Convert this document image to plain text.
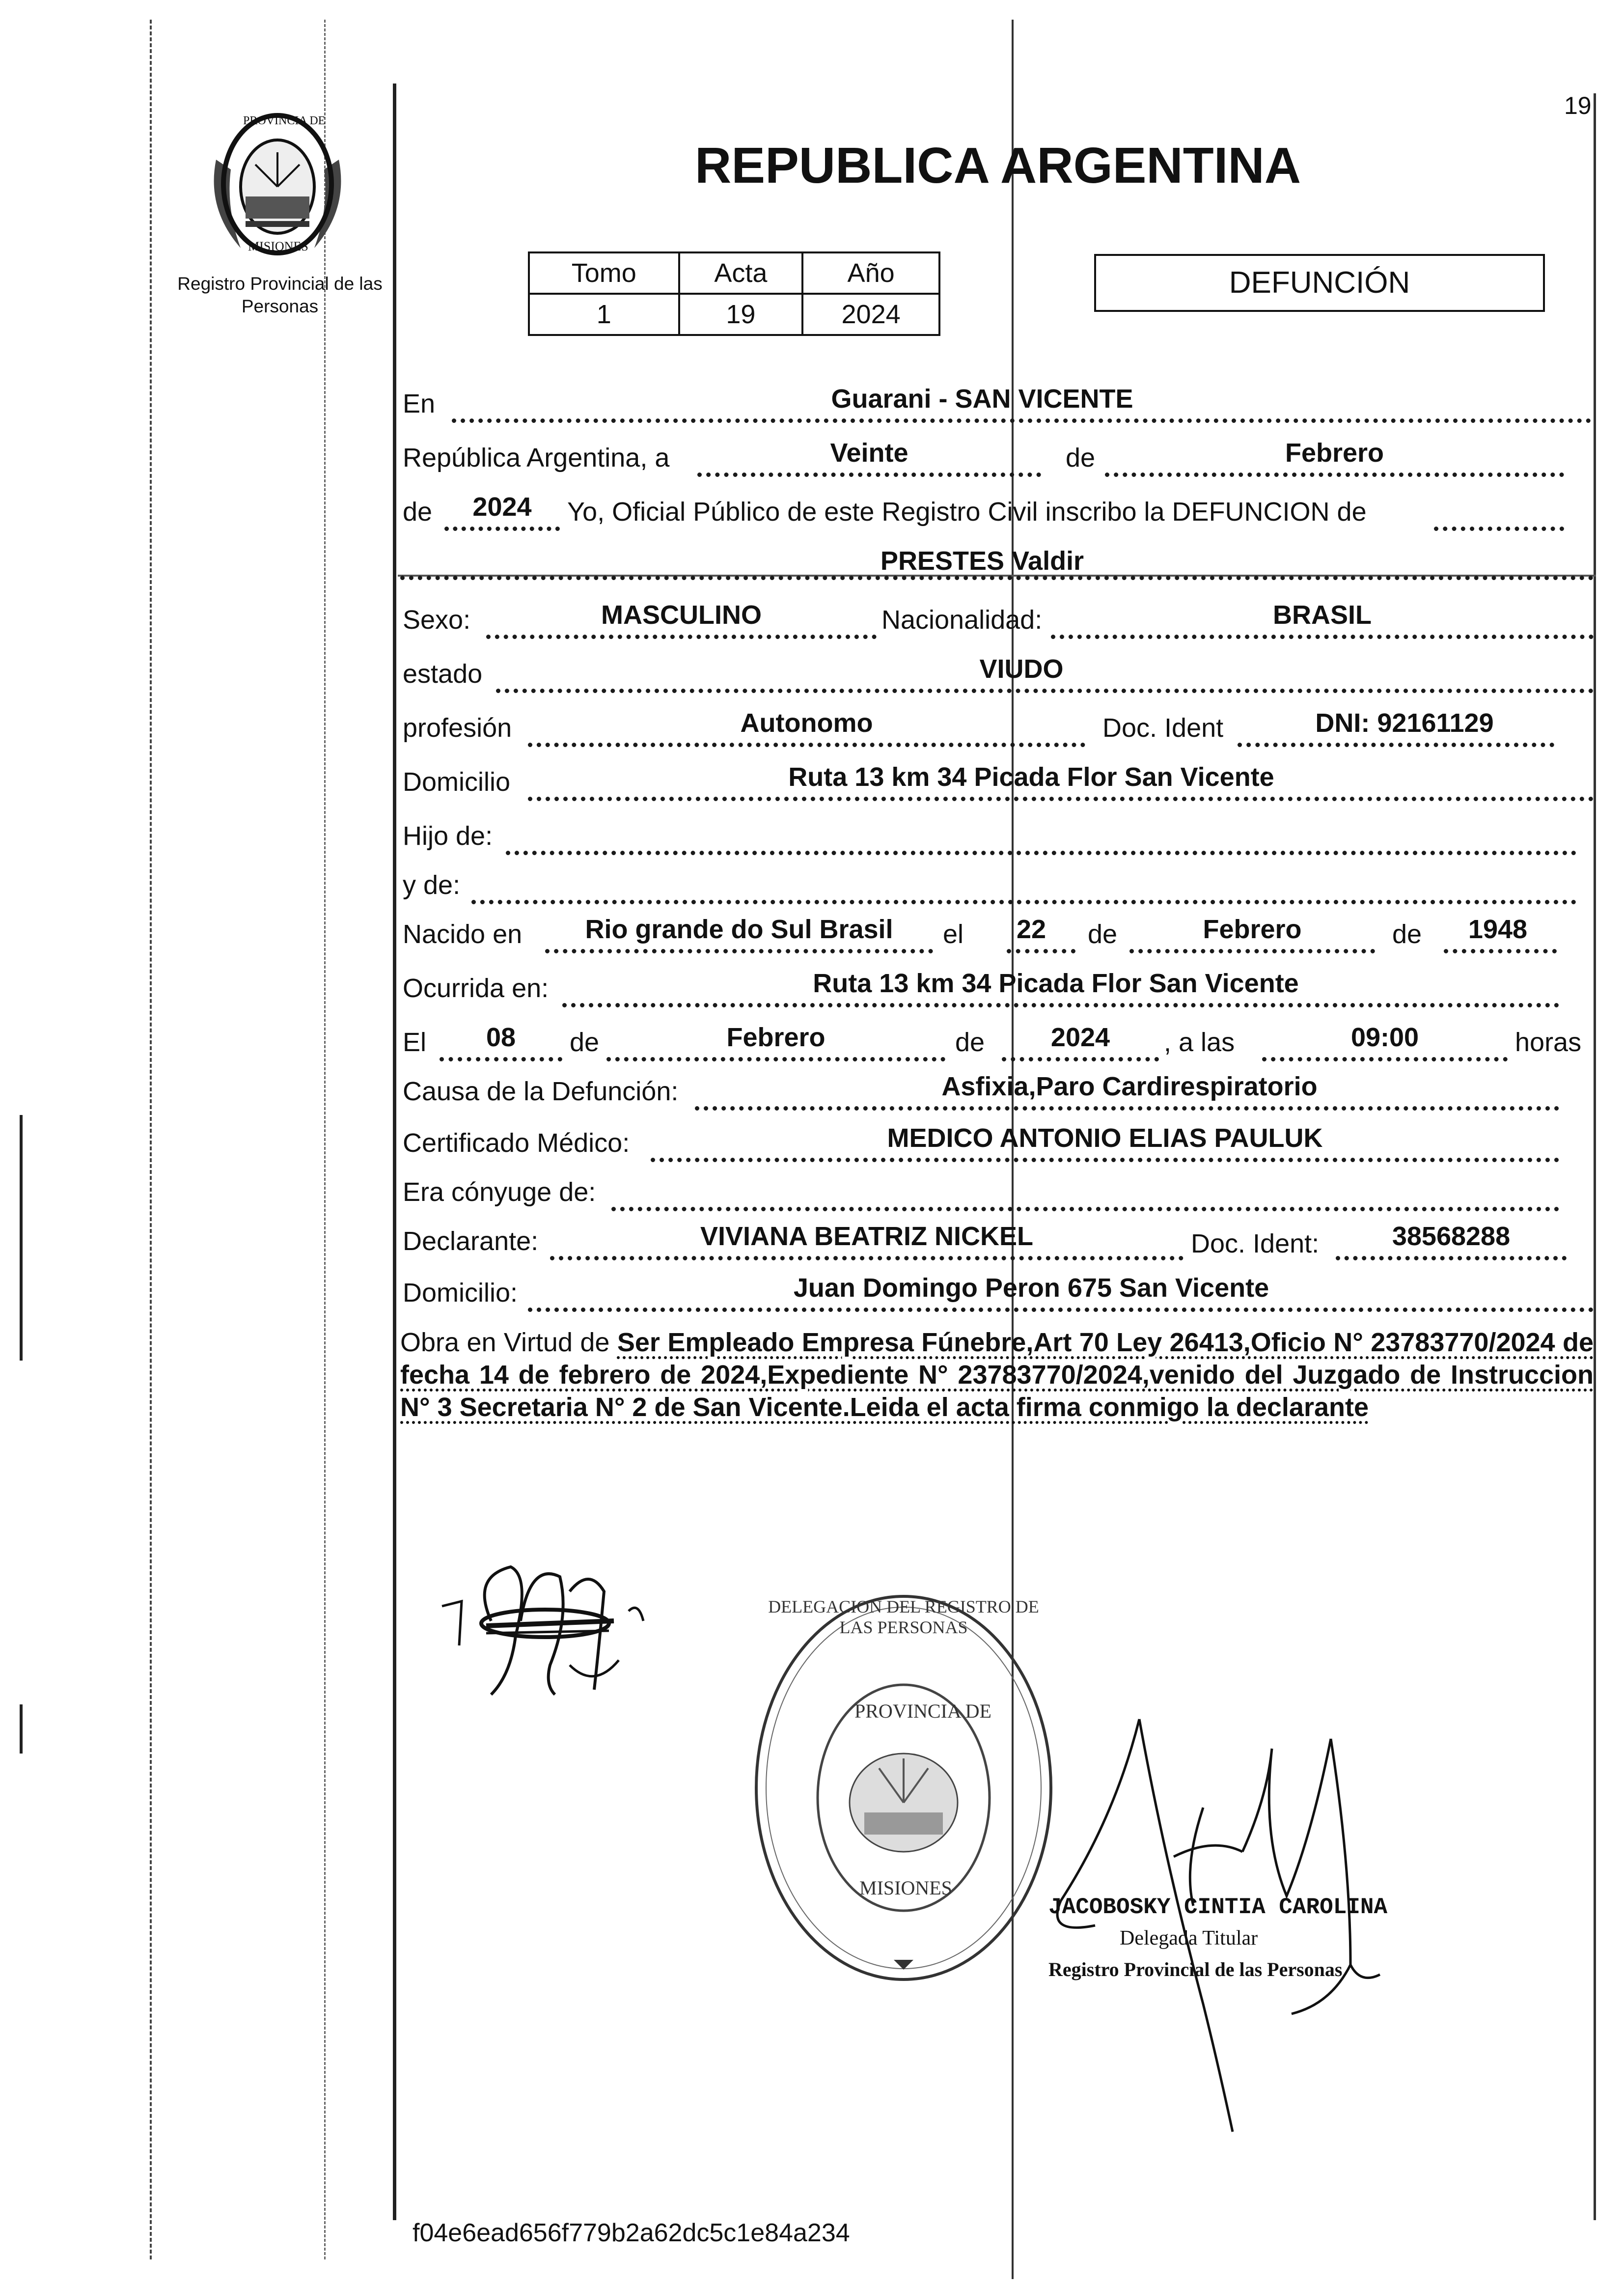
19
PROVINCIA DE
MISIONES
Registro Provincial de las Personas
REPUBLICA ARGENTINA
Tomo	Acta	Año
1	19	2024
DEFUNCIÓN
En	Guarani - SAN VICENTE
República Argentina, a	Veinte	de	Febrero
de	2024	Yo, Oficial Público de este Registro Civil inscribo la DEFUNCION de
PRESTES Valdir
Sexo:	MASCULINO	Nacionalidad:	BRASIL
estado	VIUDO
profesión	Autonomo	Doc. Ident	DNI: 92161129
Domicilio	Ruta 13 km 34 Picada Flor San Vicente
Hijo de:
y de:
Nacido en	Rio grande do Sul Brasil	el	22	de	Febrero	de	1948
Ocurrida en:	Ruta 13 km 34 Picada Flor San Vicente
El	08	de	Febrero	de	2024	, a las	09:00	horas
Causa de la Defunción:	Asfixia,Paro Cardirespiratorio
Certificado Médico:	MEDICO ANTONIO ELIAS PAULUK
Era cónyuge de:
Declarante:	VIVIANA BEATRIZ NICKEL	Doc. Ident:	38568288
Domicilio:	Juan Domingo Peron 675 San Vicente
Obra en Virtud de Ser Empleado Empresa Fúnebre,Art 70 Ley 26413,Oficio N° 23783770/2024 de fecha 14 de febrero de 2024,Expediente N° 23783770/2024,venido del Juzgado de Instruccion N° 3 Secretaria N° 2 de San Vicente.Leida el acta firma conmigo la declarante
PROVINCIA DE
MISIONES
DELEGACION DEL REGISTRO DE LAS PERSONAS
JACOBOSKY CINTIA CAROLINA
Delegada Titular
Registro Provincial de las Personas
f04e6ead656f779b2a62dc5c1e84a234
